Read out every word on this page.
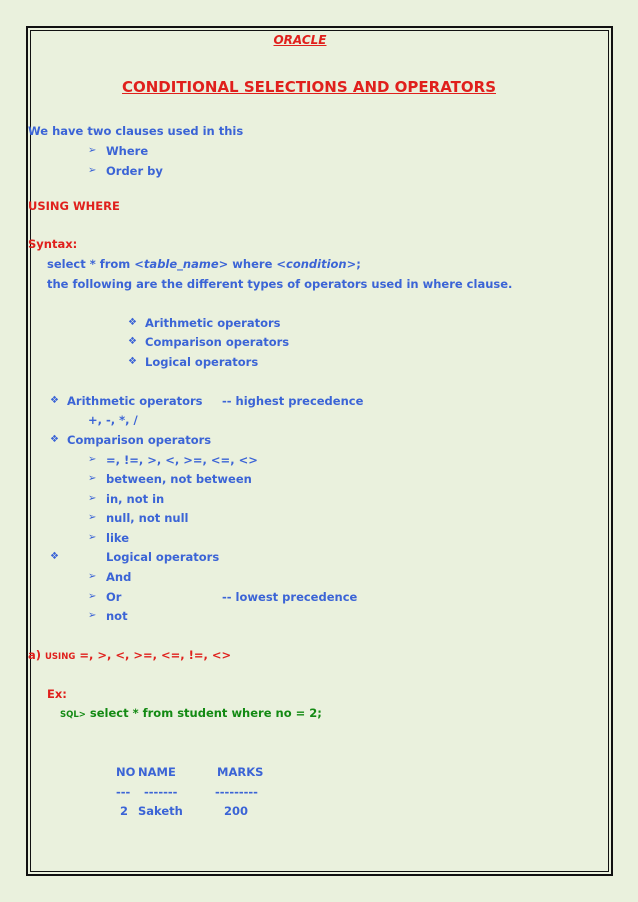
ORACLE
CONDITIONAL SELECTIONS AND OPERATORS
We have two clauses used in this
➢ Where
➢ Order by
USING WHERE
Syntax:
select * from <table_name> where <condition>;
the following are the different types of operators used in where clause.
❖ Arithmetic operators
❖ Comparison operators
❖ Logical operators
❖ Arithmetic operators -- highest precedence
+, -, *, /
❖ Comparison operators
➢ =, !=, >, <, >=, <=, <>
➢ between, not between
➢ in, not in
➢ null, not null
➢ like
❖	Logical operators
➢ And
➢ Or	-- lowest precedence
➢ not
a) USING =, >, <, >=, <=, !=, <>
Ex:
SQL> select * from student where no = 2;
NO NAME	MARKS
--- -------	---------
2 Saketh	200
